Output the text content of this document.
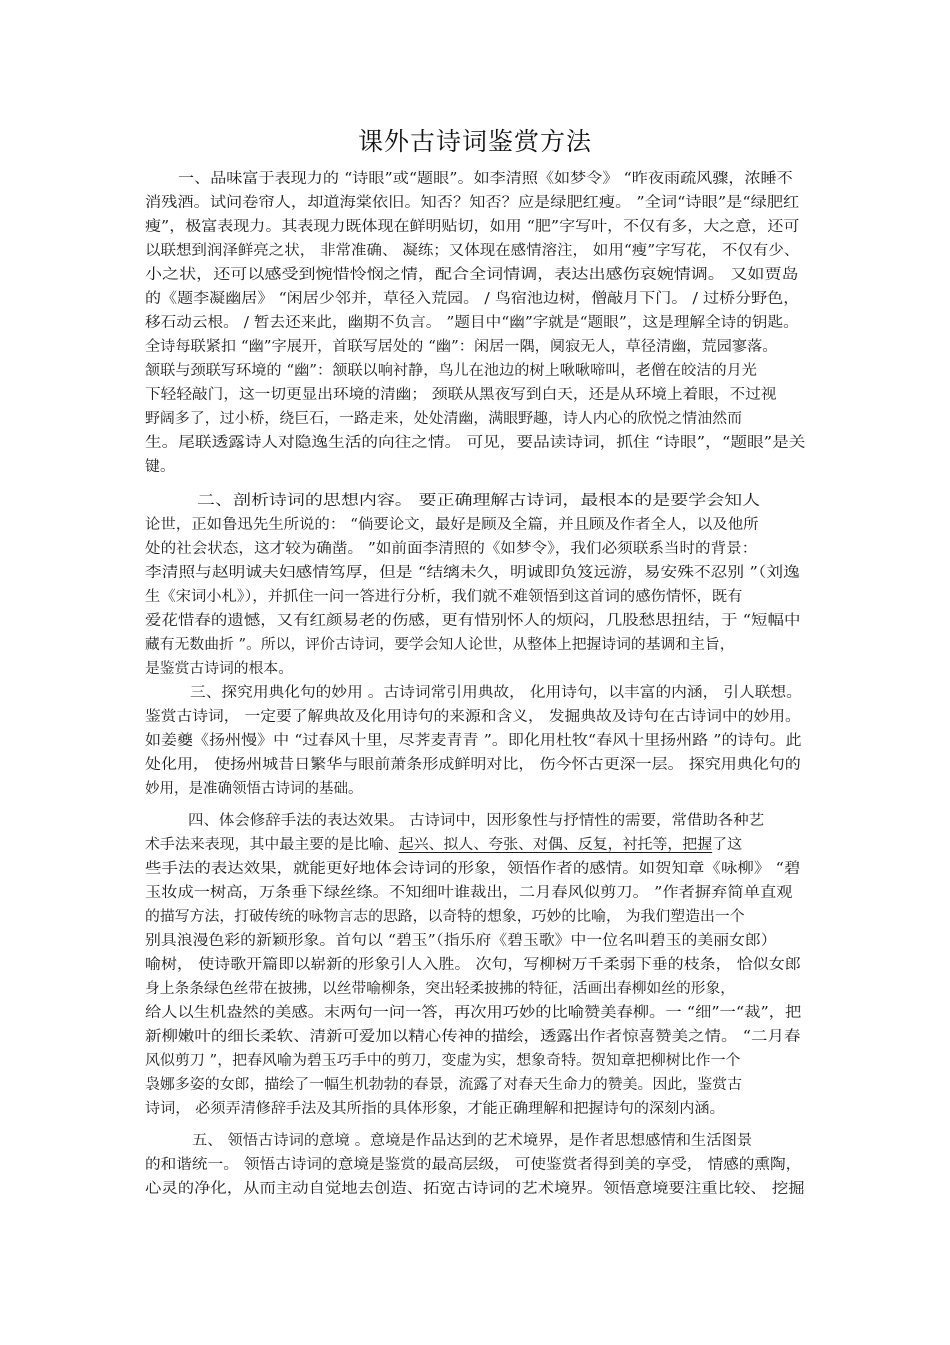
课外古诗词鉴赏方法
一、品味富于表现力的 “诗眼”或“题眼”。如李清照《如梦令》 “昨夜雨疏风骤，浓睡不
消残酒。试问卷帘人，却道海棠依旧。知否？知否？应是绿肥红瘦。 ”全词“诗眼”是“绿肥红
瘦”，极富表现力。其表现力既体现在鲜明贴切，如用 “肥”字写叶，不仅有多，大之意，还可
以联想到润泽鲜亮之状， 非常准确、 凝练；又体现在感情溶注， 如用“瘦”字写花， 不仅有少、
小之状，还可以感受到惋惜怜悯之情，配合全词情调，表达出感伤哀婉情调。 又如贾岛
的《题李凝幽居》 “闲居少邻并，草径入荒园。 / 鸟宿池边树，僧敲月下门。 / 过桥分野色，
移石动云根。 / 暂去还来此，幽期不负言。 ”题目中“幽”字就是“题眼”，这是理解全诗的钥匙。
全诗每联紧扣 “幽”字展开，首联写居处的 “幽”：闲居一隅，阒寂无人，草径清幽，荒园寥落。
颔联与颈联写环境的 “幽”：颔联以响衬静，鸟儿在池边的树上啾啾啼叫，老僧在皎洁的月光
下轻轻敲门，这一切更显出环境的清幽； 颈联从黑夜写到白天，还是从环境上着眼，不过视
野阔多了，过小桥，绕巨石，一路走来，处处清幽，满眼野趣，诗人内心的欣悦之情油然而
生。尾联透露诗人对隐逸生活的向往之情。 可见，要品读诗词，抓住 “诗眼”，“题眼”是关
键。
二、剖析诗词的思想内容。 要正确理解古诗词，最根本的是要学会知人
论世，正如鲁迅先生所说的： “倘要论文，最好是顾及全篇，并且顾及作者全人，以及他所
处的社会状态，这才较为确凿。 ”如前面李清照的《如梦令》，我们必须联系当时的背景：
李清照与赵明诚夫妇感情笃厚，但是 “结缡未久，明诚即负笈远游，易安殊不忍别 ”（刘逸
生《宋词小札》），并抓住一问一答进行分析，我们就不难领悟到这首词的感伤情怀，既有
爱花惜春的遗憾，又有红颜易老的伤感，更有惜别怀人的烦闷，几股愁思扭结，于 “短幅中
藏有无数曲折 ”。所以，评价古诗词，要学会知人论世，从整体上把握诗词的基调和主旨，
是鉴赏古诗词的根本。
三、探究用典化句的妙用 。古诗词常引用典故， 化用诗句，以丰富的内涵， 引人联想。
鉴赏古诗词， 一定要了解典故及化用诗句的来源和含义， 发掘典故及诗句在古诗词中的妙用。
如姜夔《扬州慢》中 “过春风十里，尽荠麦青青 ”。即化用杜牧“春风十里扬州路 ”的诗句。此
处化用， 使扬州城昔日繁华与眼前萧条形成鲜明对比， 伤今怀古更深一层。 探究用典化句的
妙用，是准确领悟古诗词的基础。
四、体会修辞手法的表达效果。 古诗词中，因形象性与抒情性的需要，常借助各种艺
术手法来表现，其中最主要的是比喻、起兴、拟人、夸张、对偶、反复，衬托等，把握了这
些手法的表达效果，就能更好地体会诗词的形象，领悟作者的感情。如贺知章《咏柳》 “碧
玉妆成一树高，万条垂下绿丝绦。不知细叶谁裁出，二月春风似剪刀。 ”作者摒弃简单直观
的描写方法，打破传统的咏物言志的思路，以奇特的想象，巧妙的比喻， 为我们塑造出一个
别具浪漫色彩的新颖形象。首句以 “碧玉”（指乐府《碧玉歌》中一位名叫碧玉的美丽女郎）
喻树， 使诗歌开篇即以崭新的形象引人入胜。 次句，写柳树万千柔弱下垂的枝条， 恰似女郎
身上条条绿色丝带在披拂，以丝带喻柳条，突出轻柔披拂的特征，活画出春柳如丝的形象，
给人以生机盎然的美感。末两句一问一答，再次用巧妙的比喻赞美春柳。一 “细”一“裁”，把
新柳嫩叶的细长柔软、清新可爱加以精心传神的描绘，透露出作者惊喜赞美之情。 “二月春
风似剪刀 ”，把春风喻为碧玉巧手中的剪刀，变虚为实，想象奇特。贺知章把柳树比作一个
袅娜多姿的女郎，描绘了一幅生机勃勃的春景，流露了对春天生命力的赞美。因此，鉴赏古
诗词， 必须弄清修辞手法及其所指的具体形象，才能正确理解和把握诗句的深刻内涵。
五、 领悟古诗词的意境 。意境是作品达到的艺术境界，是作者思想感情和生活图景
的和谐统一。 领悟古诗词的意境是鉴赏的最高层级， 可使鉴赏者得到美的享受， 情感的熏陶，
心灵的净化，从而主动自觉地去创造、拓宽古诗词的艺术境界。领悟意境要注重比较、 挖掘
